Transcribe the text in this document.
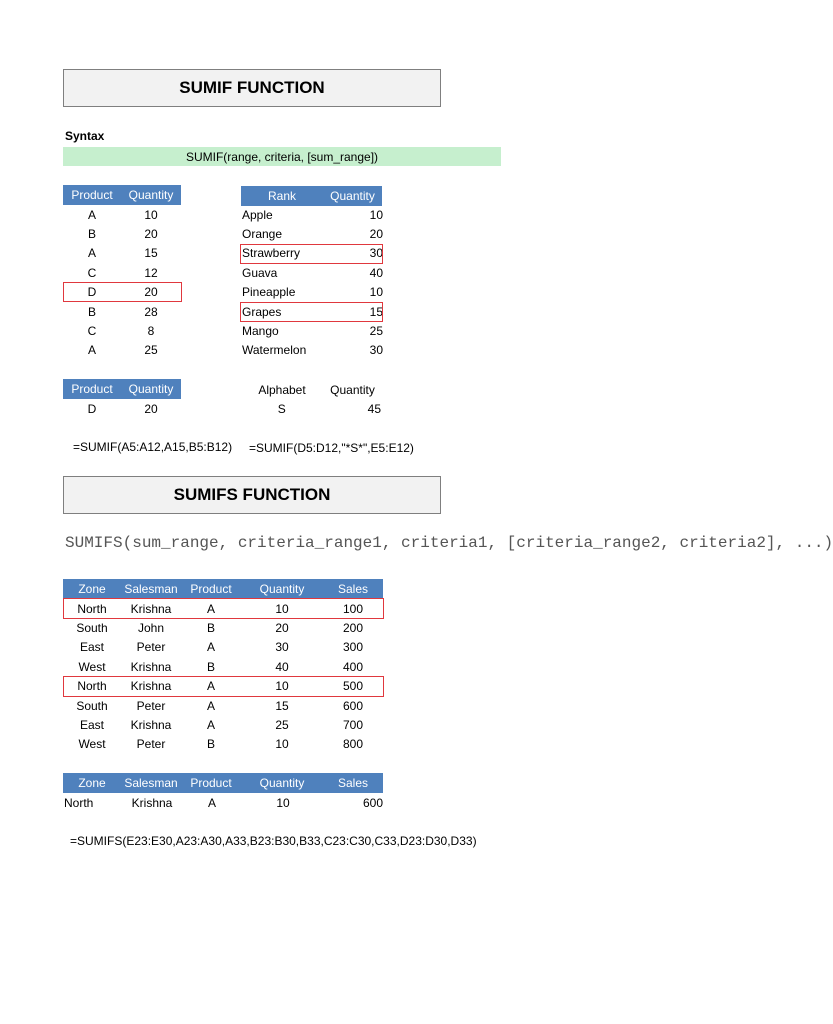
SUMIF FUNCTION
Syntax
SUMIF(range, criteria, [sum_range])
Product	Quantity
A	10
B	20
A	15
C	12
D	20
B	28
C	8
A	25
Rank	Quantity
Apple	10
Orange	20
Strawberry	30
Guava	40
Pineapple	10
Grapes	15
Mango	25
Watermelon	30
Product	Quantity
D	20
Alphabet	Quantity
S	45
=SUMIF(A5:A12,A15,B5:B12) =SUMIF(D5:D12,"*S*",E5:E12)
SUMIFS FUNCTION
SUMIFS(sum_range, criteria_range1, criteria1, [criteria_range2, criteria2], ...)
Zone	Salesman	Product	Quantity	Sales
North	Krishna	A	10	100
South	John	B	20	200
East	Peter	A	30	300
West	Krishna	B	40	400
North	Krishna	A	10	500
South	Peter	A	15	600
East	Krishna	A	25	700
West	Peter	B	10	800
Zone	Salesman	Product	Quantity	Sales
North	Krishna	A	10	600
=SUMIFS(E23:E30,A23:A30,A33,B23:B30,B33,C23:C30,C33,D23:D30,D33)
